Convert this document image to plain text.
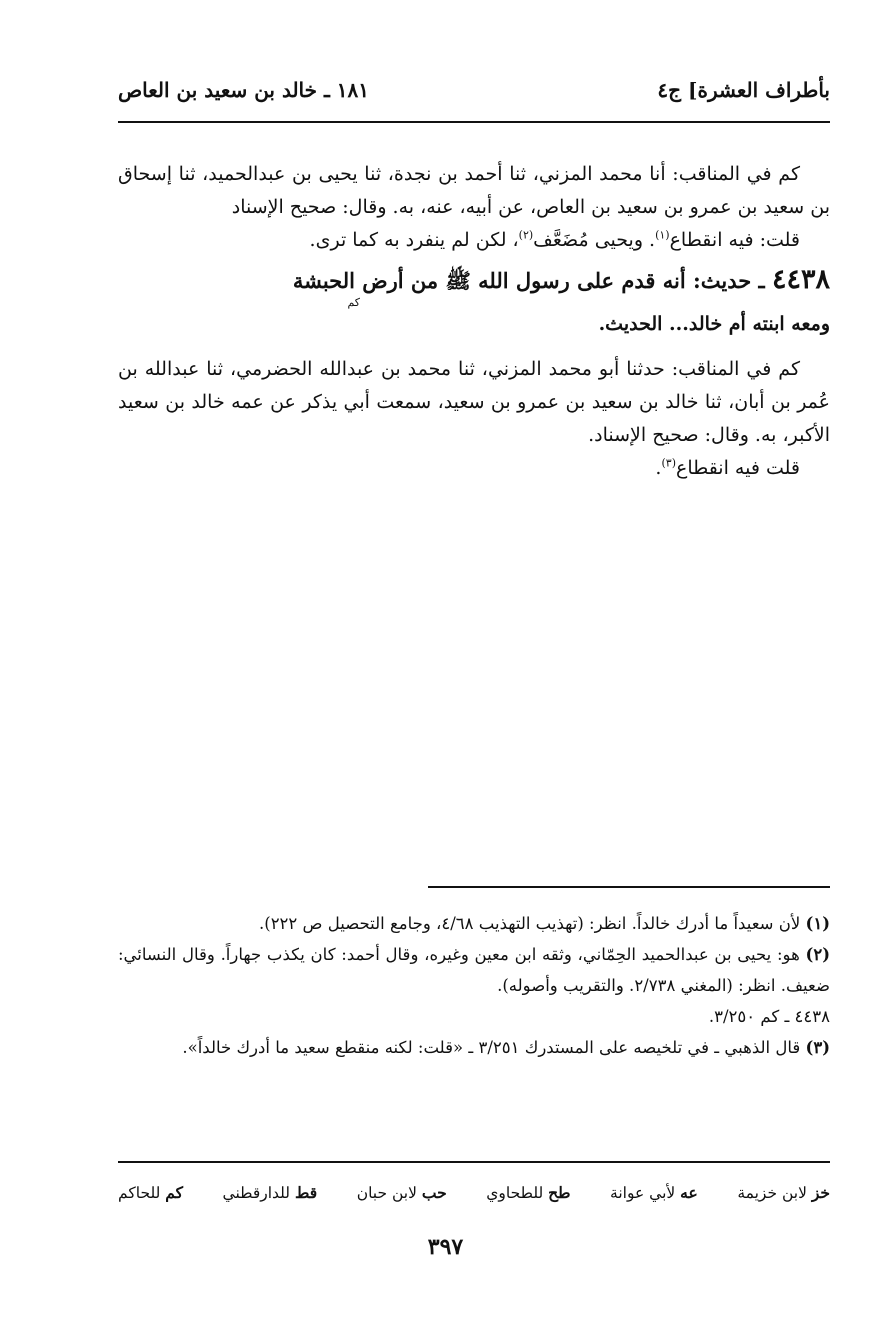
بأطراف العشرة] ج٤
١٨١ ـ خالد بن سعيد بن العاص

كم في المناقب: أنا محمد المزني، ثنا أحمد بن نجدة، ثنا يحيى بن عبدالحميد، ثنا إسحاق بن سعيد بن عمرو بن سعيد بن العاص، عن أبيه، عنه، به. وقال: صحيح الإسناد

قلت: فيه انقطاع$^{(١)}$. ويحيى مُضَعَّف$^{(٢)}$، لكن لم ينفرد به كما ترى.

٤٤٣٨ ـ حديث: أنه قدم على رسول الله ﷺ من أرض الحبشة

كم

ومعه ابنته أم خالد... الحديث.

كم في المناقب: حدثنا أبو محمد المزني، ثنا محمد بن عبدالله الحضرمي، ثنا عبدالله بن عُمر بن أبان، ثنا خالد بن سعيد بن عمرو بن سعيد، سمعت أبي يذكر عن عمه خالد بن سعيد الأكبر، به. وقال: صحيح الإسناد.

قلت فيه انقطاع$^{(٣)}$.

(١) لأن سعيداً ما أدرك خالداً. انظر: (تهذيب التهذيب ٤/٦٨، وجامع التحصيل ص ٢٢٢).

(٢) هو: يحيى بن عبدالحميد الحِمّاني، وثقه ابن معين وغيره، وقال أحمد: كان يكذب جهاراً. وقال النسائي: ضعيف. انظر: (المغني ٢/٧٣٨. والتقريب وأصوله).

٤٤٣٨ ـ كم ٣/٢٥٠.

(٣) قال الذهبي ـ في تلخيصه على المستدرك ٣/٢٥١ ـ «قلت: لكنه منقطع سعيد ما أدرك خالداً».

خز لابن خزيمة
عه لأبي عوانة
طح للطحاوي
حب لابن حبان
قط للدارقطني
كم للحاكم
٣٩٧
